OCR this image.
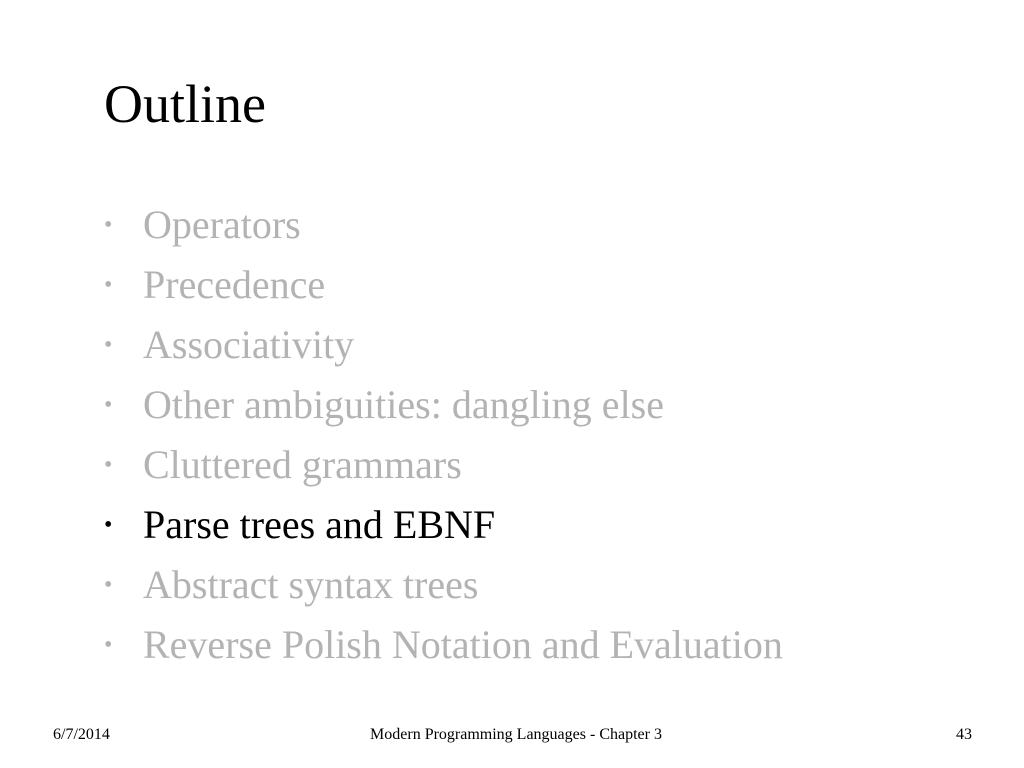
Outline
• Operators
• Precedence
• Associativity
• Other ambiguities: dangling else
• Cluttered grammars
• Parse trees and EBNF
• Abstract syntax trees
• Reverse Polish Notation and Evaluation
6/7/2014	Modern Programming Languages - Chapter 3	43
